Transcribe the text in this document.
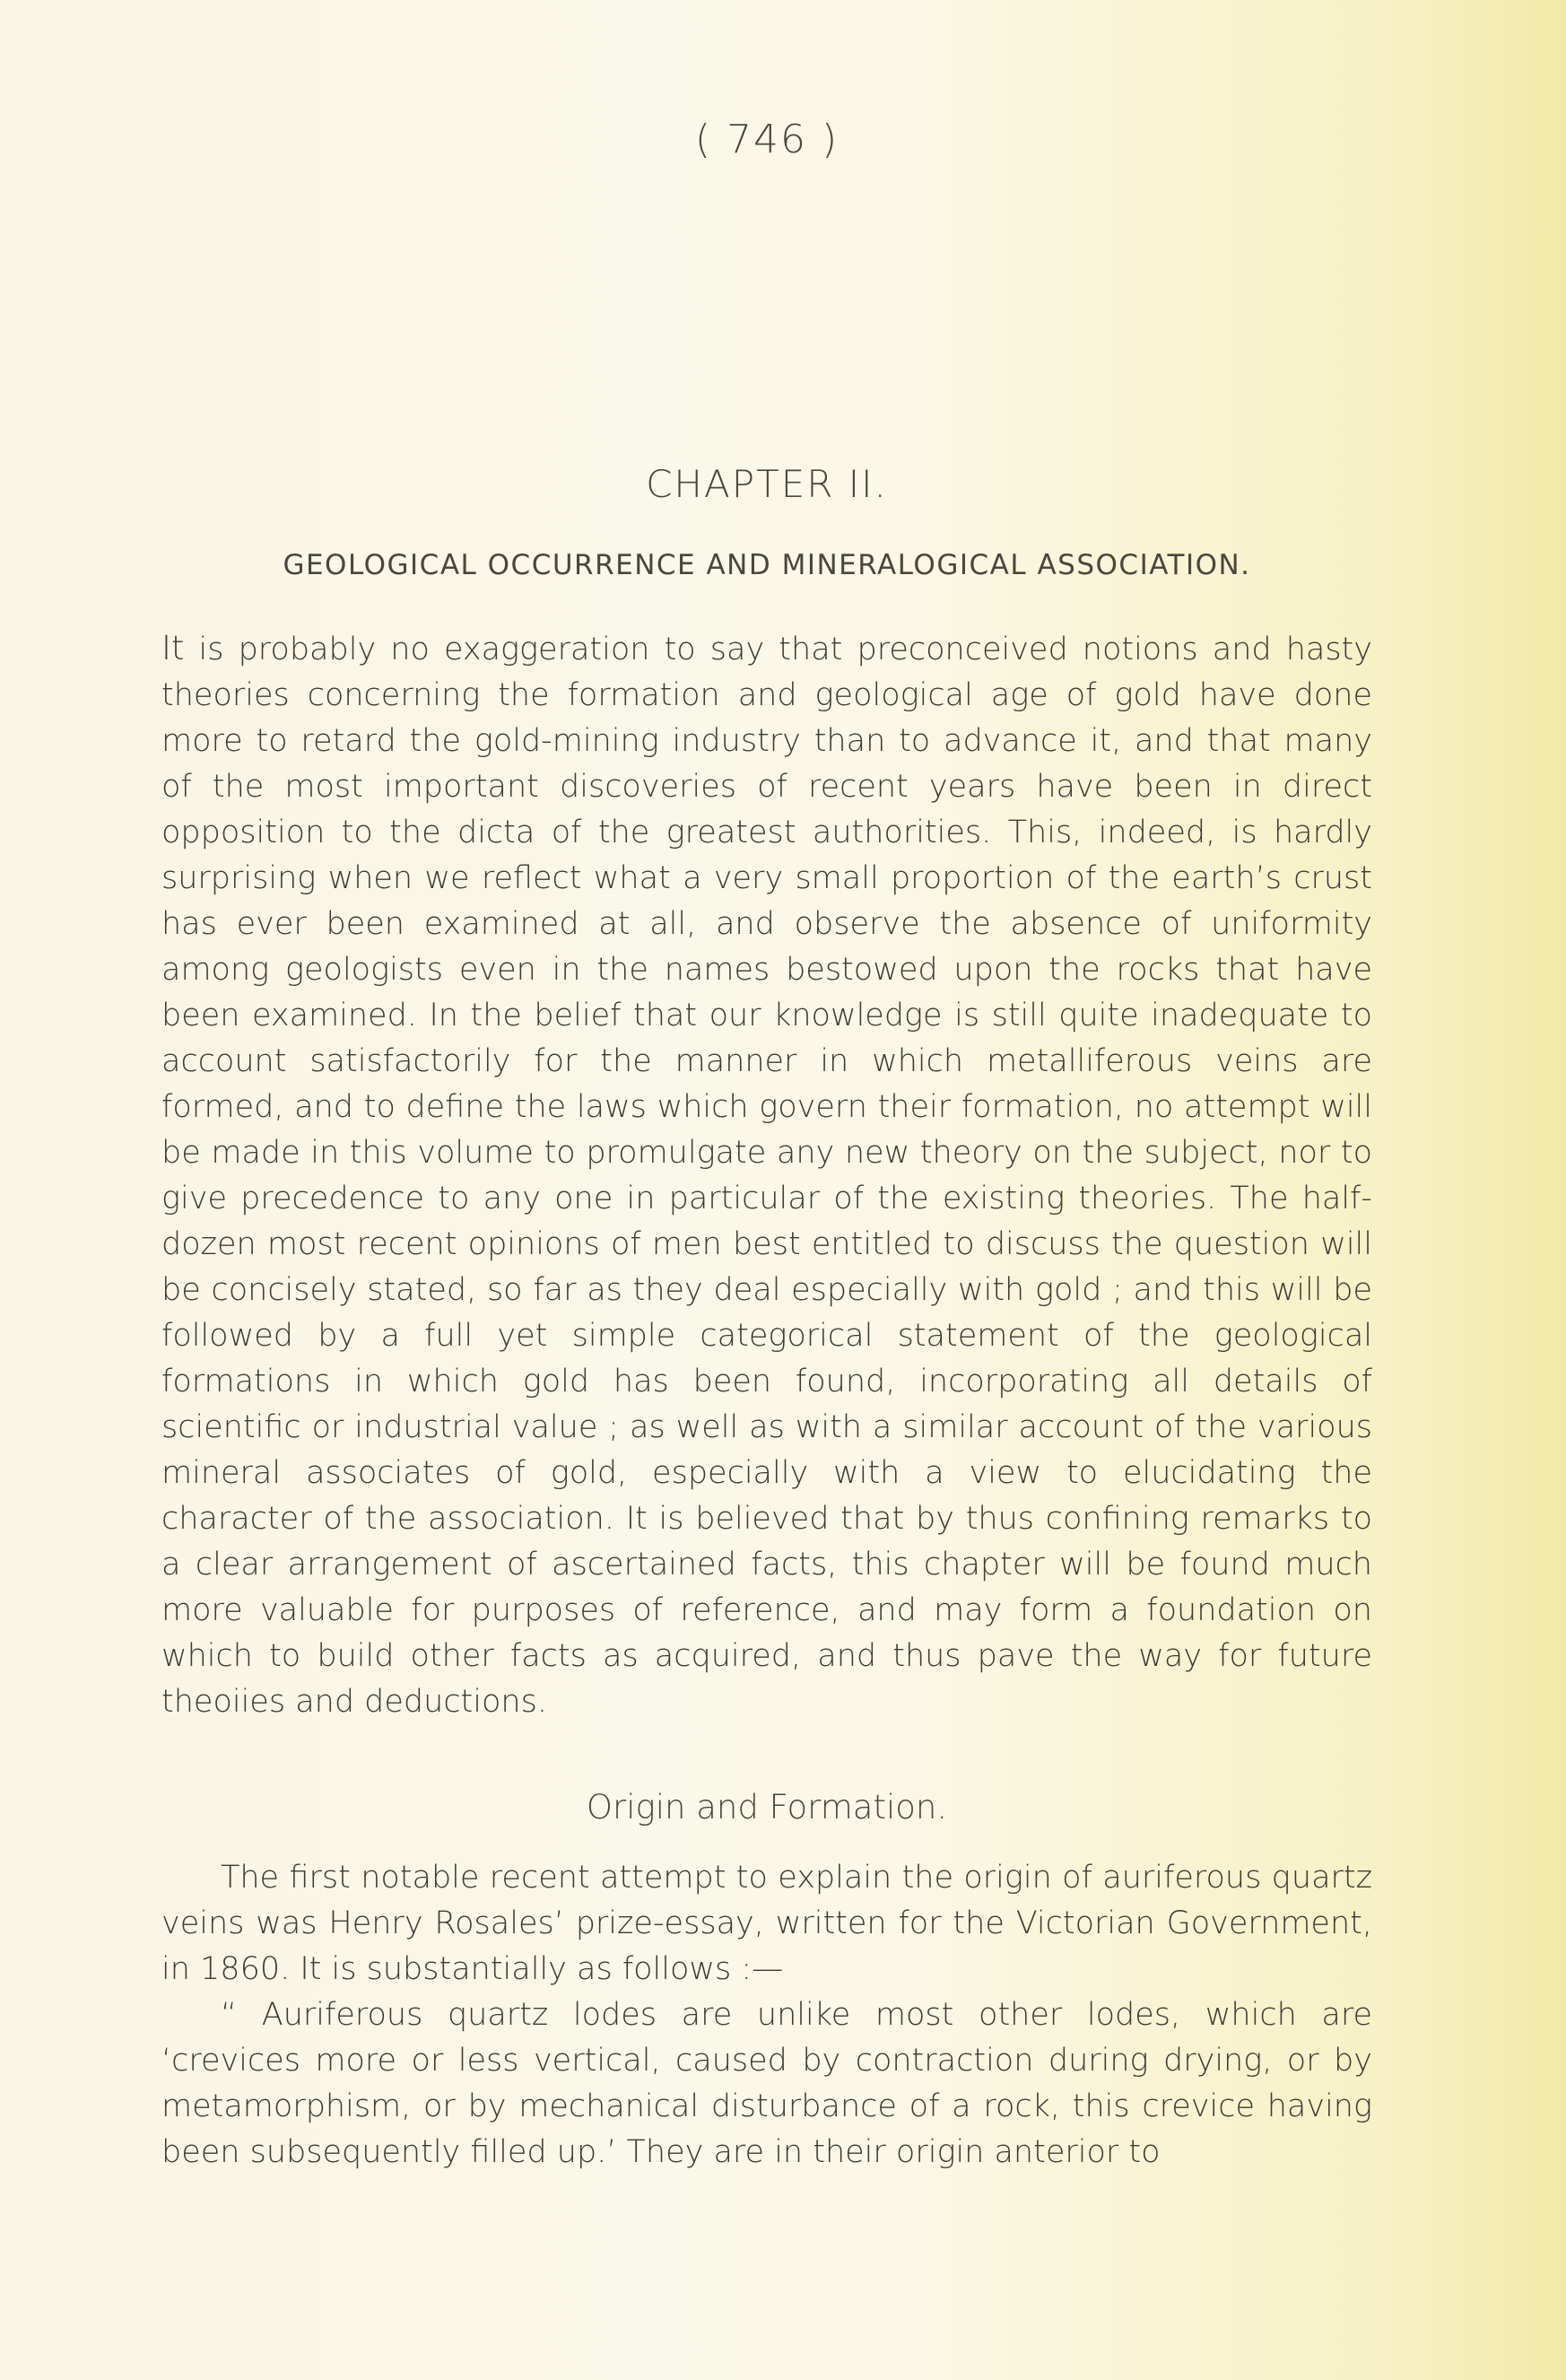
( 746 )
CHAPTER II.
GEOLOGICAL OCCURRENCE AND MINERALOGICAL ASSOCIATION.

It is probably no exaggeration to say that preconceived notions and hasty theories concerning the formation and geological age of gold have done more to retard the gold-mining industry than to advance it, and that many of the most important discoveries of recent years have been in direct opposition to the dicta of the greatest authorities. This, indeed, is hardly surprising when we reflect what a very small proportion of the earth’s crust has ever been examined at all, and observe the absence of uniformity among geologists even in the names bestowed upon the rocks that have been examined. In the belief that our knowledge is still quite inadequate to account satisfactorily for the manner in which metalliferous veins are formed, and to define the laws which govern their formation, no attempt will be made in this volume to promulgate any new theory on the subject, nor to give precedence to any one in particular of the existing theories. The half-dozen most recent opinions of men best entitled to discuss the question will be concisely stated, so far as they deal especially with gold ; and this will be followed by a full yet simple categorical statement of the geological formations in which gold has been found, incorporating all details of scientific or industrial value ; as well as with a similar account of the various mineral associates of gold, especially with a view to elucidating the character of the association. It is believed that by thus confining remarks to a clear arrangement of ascertained facts, this chapter will be found much more valuable for purposes of reference, and may form a foundation on which to build other facts as acquired, and thus pave the way for future theoiies and deductions.

Origin and Formation.

The first notable recent attempt to explain the origin of auriferous quartz veins was Henry Rosales’ prize-essay, written for the Victorian Government, in 1860. It is substantially as follows :—

“ Auriferous quartz lodes are unlike most other lodes, which are ‘crevices more or less vertical, caused by contraction during drying, or by metamorphism, or by mechanical disturbance of a rock, this crevice having been subsequently filled up.’ They are in their origin anterior to
